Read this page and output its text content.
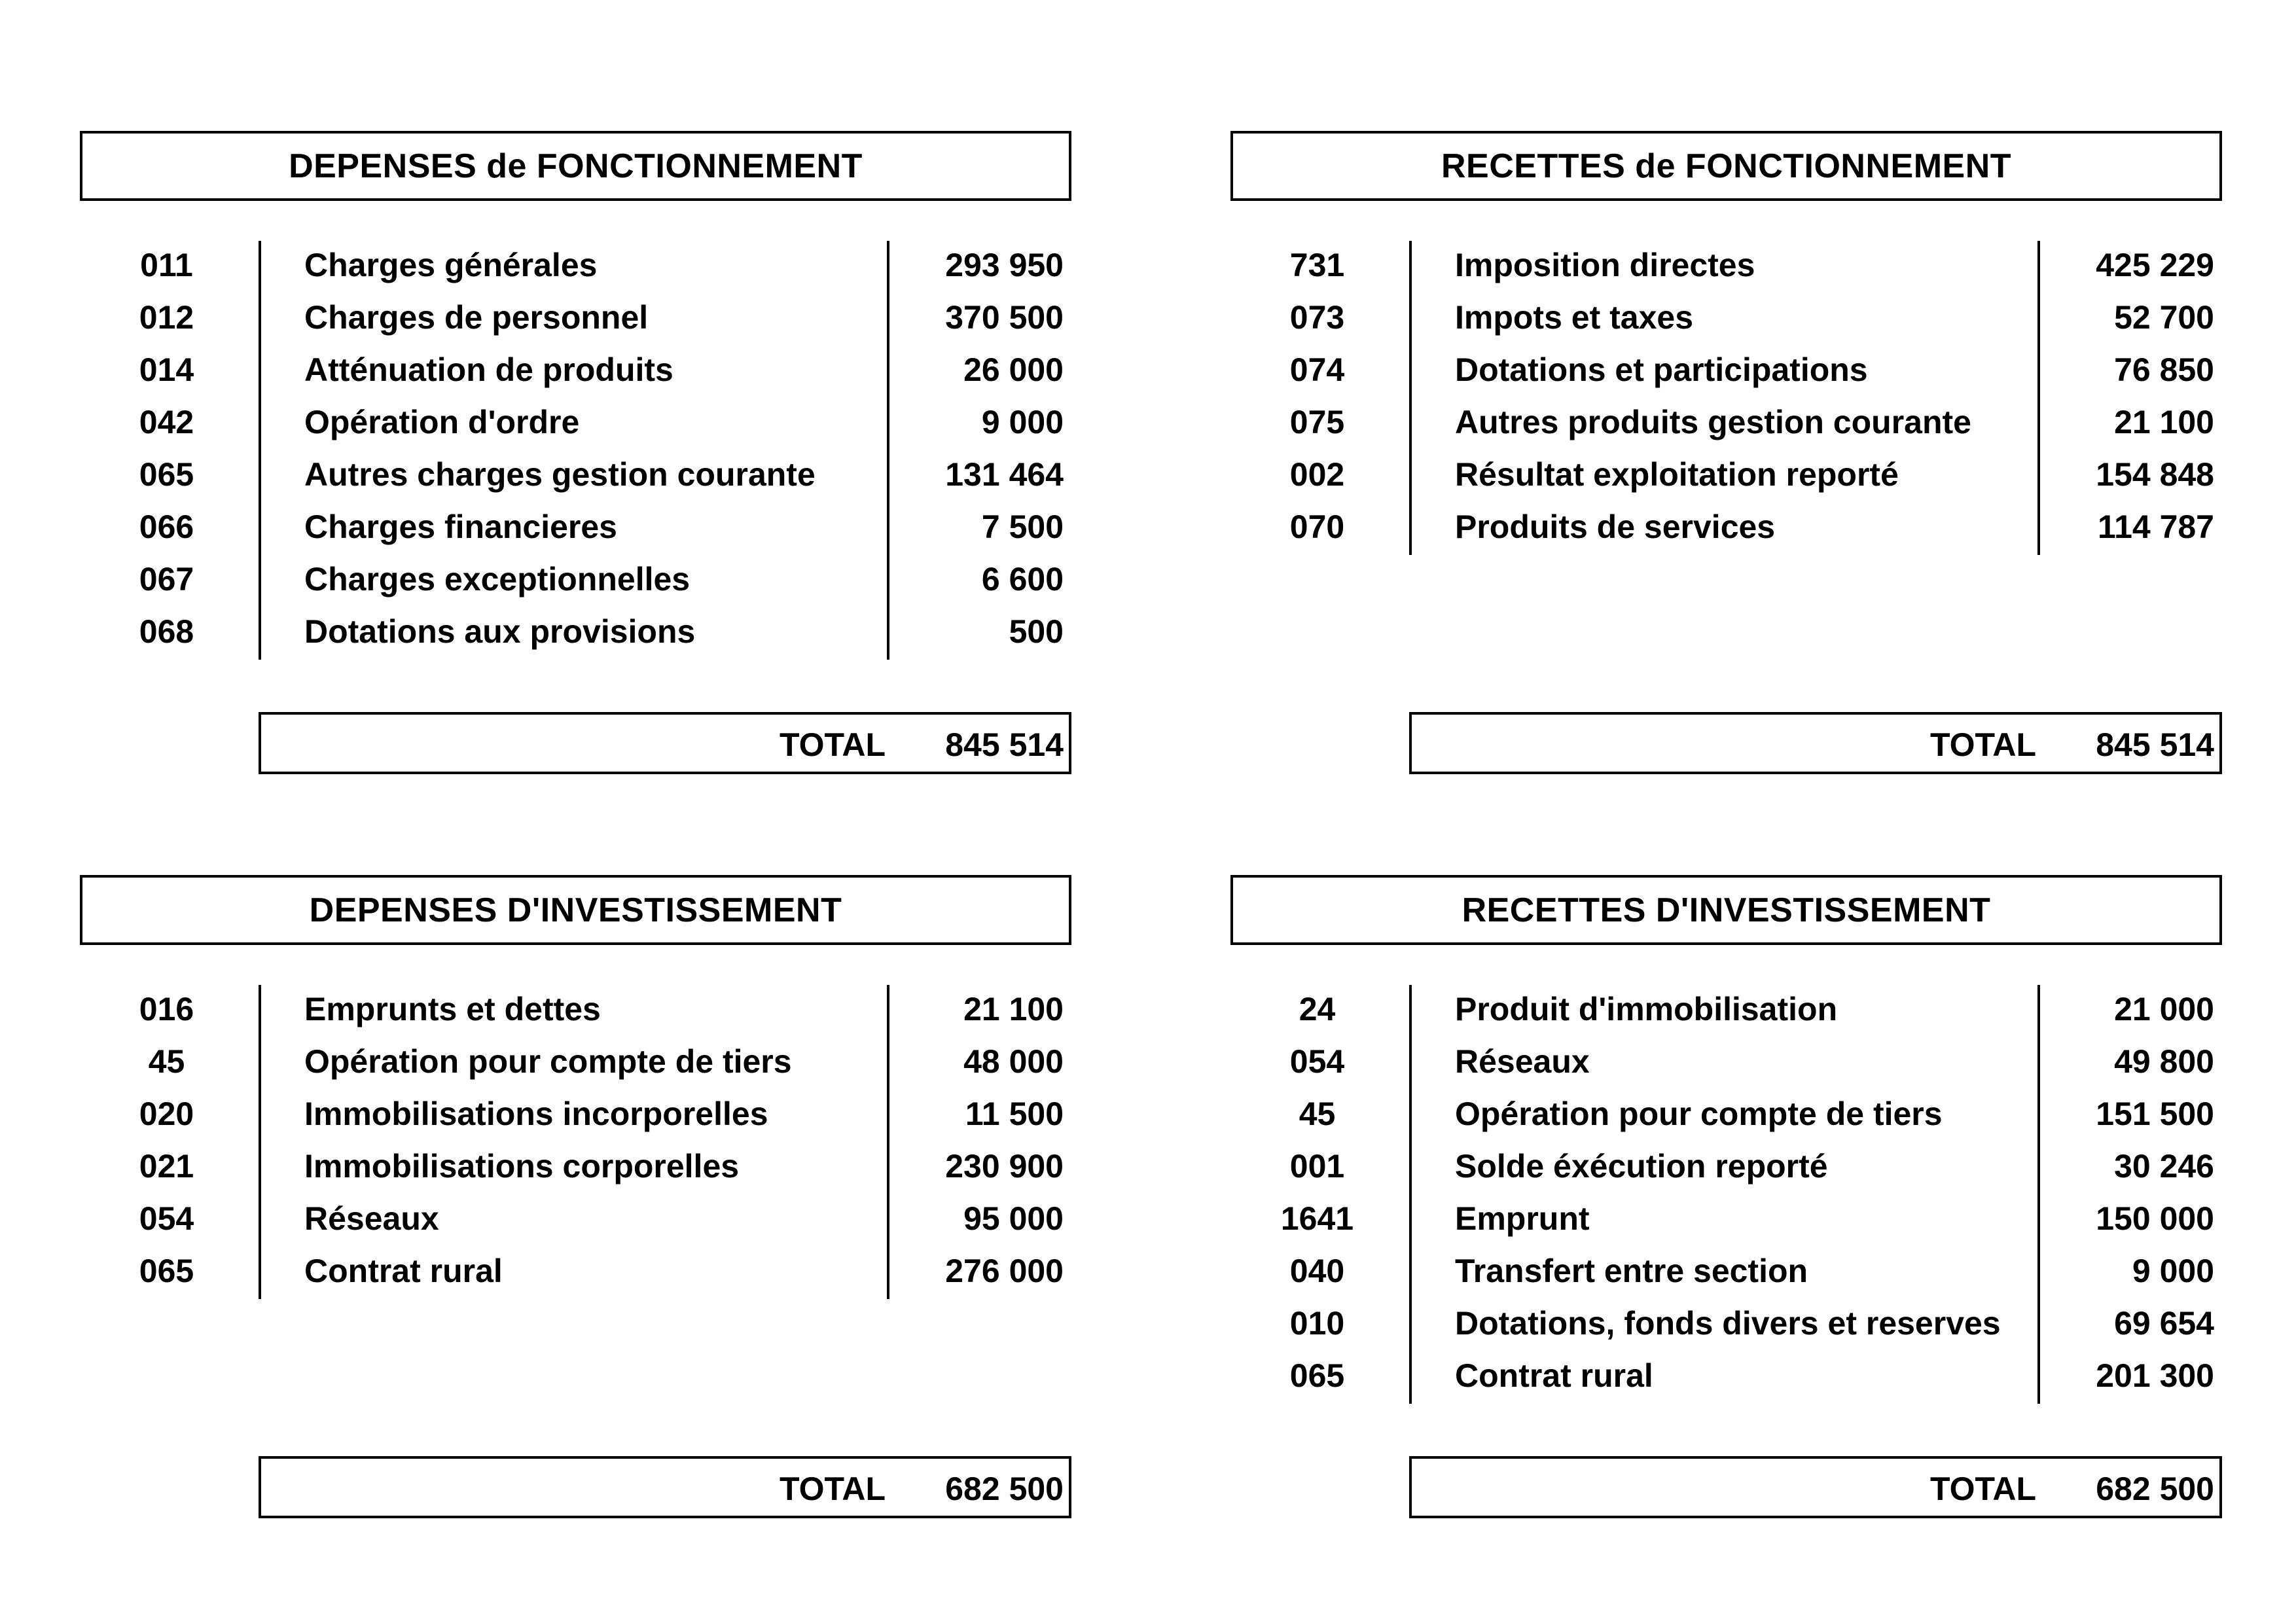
DEPENSES de FONCTIONNEMENT
011	Charges générales	293 950
012	Charges de personnel	370 500
014	Atténuation de produits	26 000
042	Opération d'ordre	9 000
065	Autres charges gestion courante	131 464
066	Charges financieres	7 500
067	Charges exceptionnelles	6 600
068	Dotations aux provisions	500
TOTAL 845 514
RECETTES de FONCTIONNEMENT
731	Imposition directes	425 229
073	Impots et taxes	52 700
074	Dotations et participations	76 850
075	Autres produits gestion courante	21 100
002	Résultat exploitation reporté	154 848
070	Produits de services	114 787
TOTAL 845 514
DEPENSES D'INVESTISSEMENT
016	Emprunts et dettes	21 100
45	Opération pour compte de tiers	48 000
020	Immobilisations incorporelles	11 500
021	Immobilisations corporelles	230 900
054	Réseaux	95 000
065	Contrat rural	276 000
TOTAL 682 500
RECETTES D'INVESTISSEMENT
24	Produit d'immobilisation	21 000
054	Réseaux	49 800
45	Opération pour compte de tiers	151 500
001	Solde éxécution reporté	30 246
1641	Emprunt	150 000
040	Transfert entre section	9 000
010	Dotations, fonds divers et reserves	69 654
065	Contrat rural	201 300
TOTAL 682 500
